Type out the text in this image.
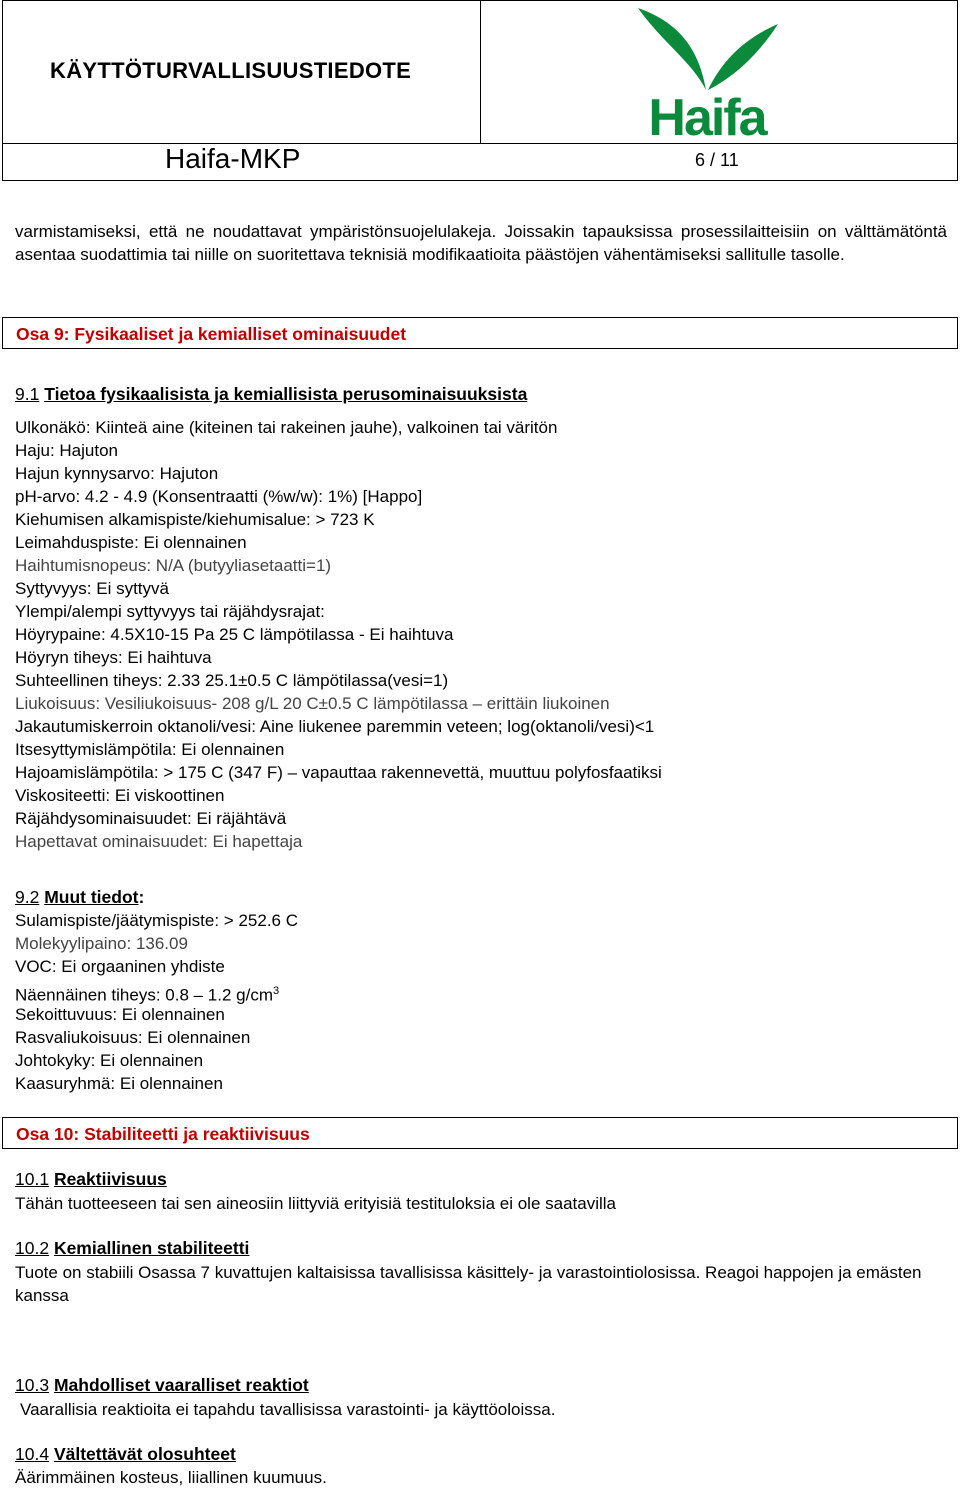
KÄYTTÖTURVALLISUUSTIEDOTE
Haifa
Haifa-MKP	6 / 11
varmistamiseksi, että ne noudattavat ympäristönsuojelulakeja. Joissakin tapauksissa prosessilaitteisiin on välttämätöntä asentaa suodattimia tai niille on suoritettava teknisiä modifikaatioita päästöjen vähentämiseksi sallitulle tasolle.
Osa 9: Fysikaaliset ja kemialliset ominaisuudet
9.1 Tietoa fysikaalisista ja kemiallisista perusominaisuuksista
Ulkonäkö: Kiinteä aine (kiteinen tai rakeinen jauhe), valkoinen tai väritön
Haju: Hajuton
Hajun kynnysarvo: Hajuton
pH-arvo: 4.2 - 4.9 (Konsentraatti (%w/w): 1%) [Happo]
Kiehumisen alkamispiste/kiehumisalue: > 723 K
Leimahduspiste: Ei olennainen
Haihtumisnopeus: N/A (butyyliasetaatti=1)
Syttyvyys: Ei syttyvä
Ylempi/alempi syttyvyys tai räjähdysrajat:
Höyrypaine: 4.5X10-15 Pa 25 C lämpötilassa - Ei haihtuva
Höyryn tiheys: Ei haihtuva
Suhteellinen tiheys: 2.33 25.1±0.5 C lämpötilassa(vesi=1)
Liukoisuus: Vesiliukoisuus- 208 g/L 20 C±0.5 C lämpötilassa – erittäin liukoinen
Jakautumiskerroin oktanoli/vesi: Aine liukenee paremmin veteen; log(oktanoli/vesi)<1
Itsesyttymislämpötila: Ei olennainen
Hajoamislämpötila: > 175 C (347 F) – vapauttaa rakennevettä, muuttuu polyfosfaatiksi
Viskositeetti: Ei viskoottinen
Räjähdysominaisuudet: Ei räjähtävä
Hapettavat ominaisuudet: Ei hapettaja
9.2 Muut tiedot:
Sulamispiste/jäätymispiste: > 252.6 C
Molekyylipaino: 136.09
VOC: Ei orgaaninen yhdiste
Näennäinen tiheys: 0.8 – 1.2 $g/cm^3$
Sekoittuvuus: Ei olennainen
Rasvaliukoisuus: Ei olennainen
Johtokyky: Ei olennainen
Kaasuryhmä: Ei olennainen
Osa 10: Stabiliteetti ja reaktiivisuus
10.1 Reaktiivisuus
Tähän tuotteeseen tai sen aineosiin liittyviä erityisiä testituloksia ei ole saatavilla
10.2 Kemiallinen stabiliteetti
Tuote on stabiili Osassa 7 kuvattujen kaltaisissa tavallisissa käsittely- ja varastointiolosissa. Reagoi happojen ja emästen kanssa
10.3 Mahdolliset vaaralliset reaktiot
Vaarallisia reaktioita ei tapahdu tavallisissa varastointi- ja käyttöoloissa.
10.4 Vältettävät olosuhteet
Äärimmäinen kosteus, liiallinen kuumuus.
